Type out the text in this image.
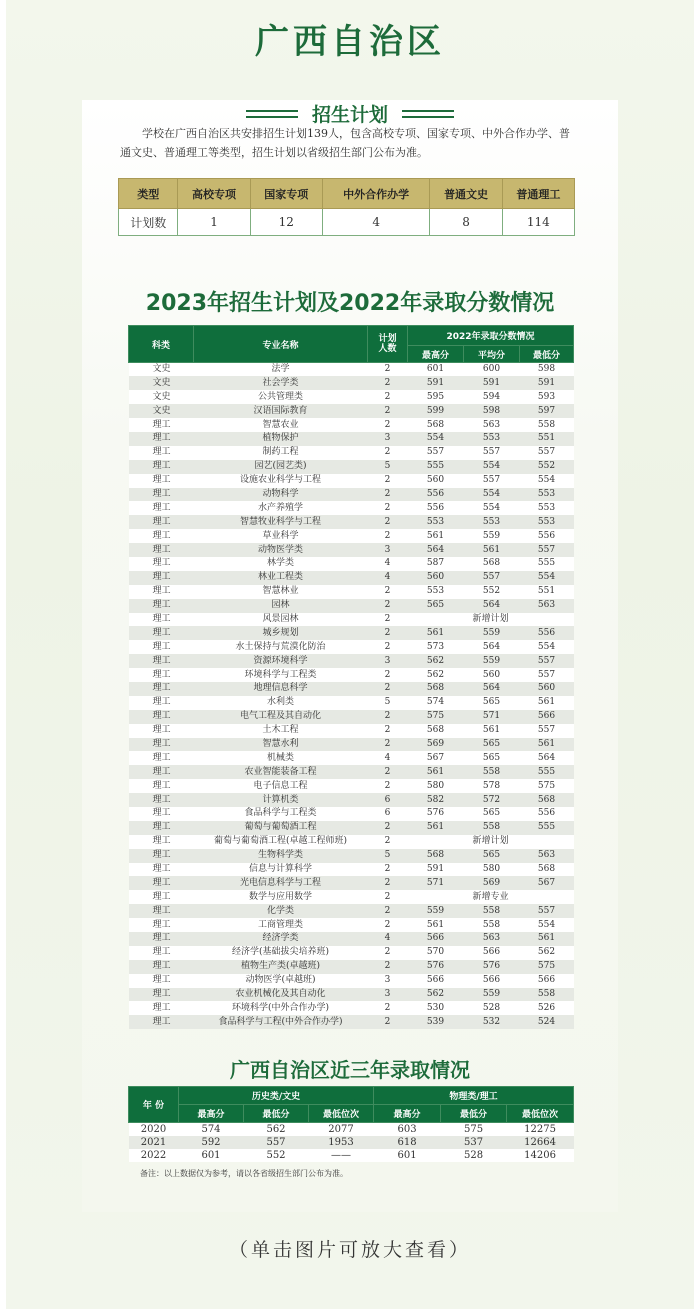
广西自治区
招生计划

学校在广西自治区共安排招生计划139人，包含高校专项、国家专项、中外合作办学、普通文史、普通理工等类型，招生计划以省级招生部门公布为准。

类型	高校专项	国家专项	中外合作办学	普通文史	普通理工
计划数	1	12	4	8	114
2023年招生计划及2022年录取分数情况
科类	专业名称	计划人数	2022年录取分数情况		
			最高分	平均分	最低分
文史	法学	2	601	600	598
文史	社会学类	2	591	591	591
文史	公共管理类	2	595	594	593
文史	汉语国际教育	2	599	598	597
理工	智慧农业	2	568	563	558
理工	植物保护	3	554	553	551
理工	制药工程	2	557	557	557
理工	园艺(园艺类)	5	555	554	552
理工	设施农业科学与工程	2	560	557	554
理工	动物科学	2	556	554	553
理工	水产养殖学	2	556	554	553
理工	智慧牧业科学与工程	2	553	553	553
理工	草业科学	2	561	559	556
理工	动物医学类	3	564	561	557
理工	林学类	4	587	568	555
理工	林业工程类	4	560	557	554
理工	智慧林业	2	553	552	551
理工	园林	2	565	564	563
理工	风景园林	2	新增计划		
理工	城乡规划	2	561	559	556
理工	水土保持与荒漠化防治	2	573	564	554
理工	资源环境科学	3	562	559	557
理工	环境科学与工程类	2	562	560	557
理工	地理信息科学	2	568	564	560
理工	水利类	5	574	565	561
理工	电气工程及其自动化	2	575	571	566
理工	土木工程	2	568	561	557
理工	智慧水利	2	569	565	561
理工	机械类	4	567	565	564
理工	农业智能装备工程	2	561	558	555
理工	电子信息工程	2	580	578	575
理工	计算机类	6	582	572	568
理工	食品科学与工程类	6	576	565	556
理工	葡萄与葡萄酒工程	2	561	558	555
理工	葡萄与葡萄酒工程(卓越工程师班)	2	新增计划		
理工	生物科学类	5	568	565	563
理工	信息与计算科学	2	591	580	568
理工	光电信息科学与工程	2	571	569	567
理工	数学与应用数学	2	新增专业		
理工	化学类	2	559	558	557
理工	工商管理类	2	561	558	554
理工	经济学类	4	566	563	561
理工	经济学(基础拔尖培养班)	2	570	566	562
理工	植物生产类(卓越班)	2	576	576	575
理工	动物医学(卓越班)	3	566	566	566
理工	农业机械化及其自动化	3	562	559	558
理工	环境科学(中外合作办学)	2	530	528	526
理工	食品科学与工程(中外合作办学)	2	539	532	524
广西自治区近三年录取情况
年 份	历史类/文史			物理类/理工		
	最高分	最低分	最低位次	最高分	最低分	最低位次
2020	574	562	2077	603	575	12275
2021	592	557	1953	618	537	12664
2022	601	552	——	601	528	14206
备注：以上数据仅为参考，请以各省级招生部门公布为准。
（单击图片可放大查看）
